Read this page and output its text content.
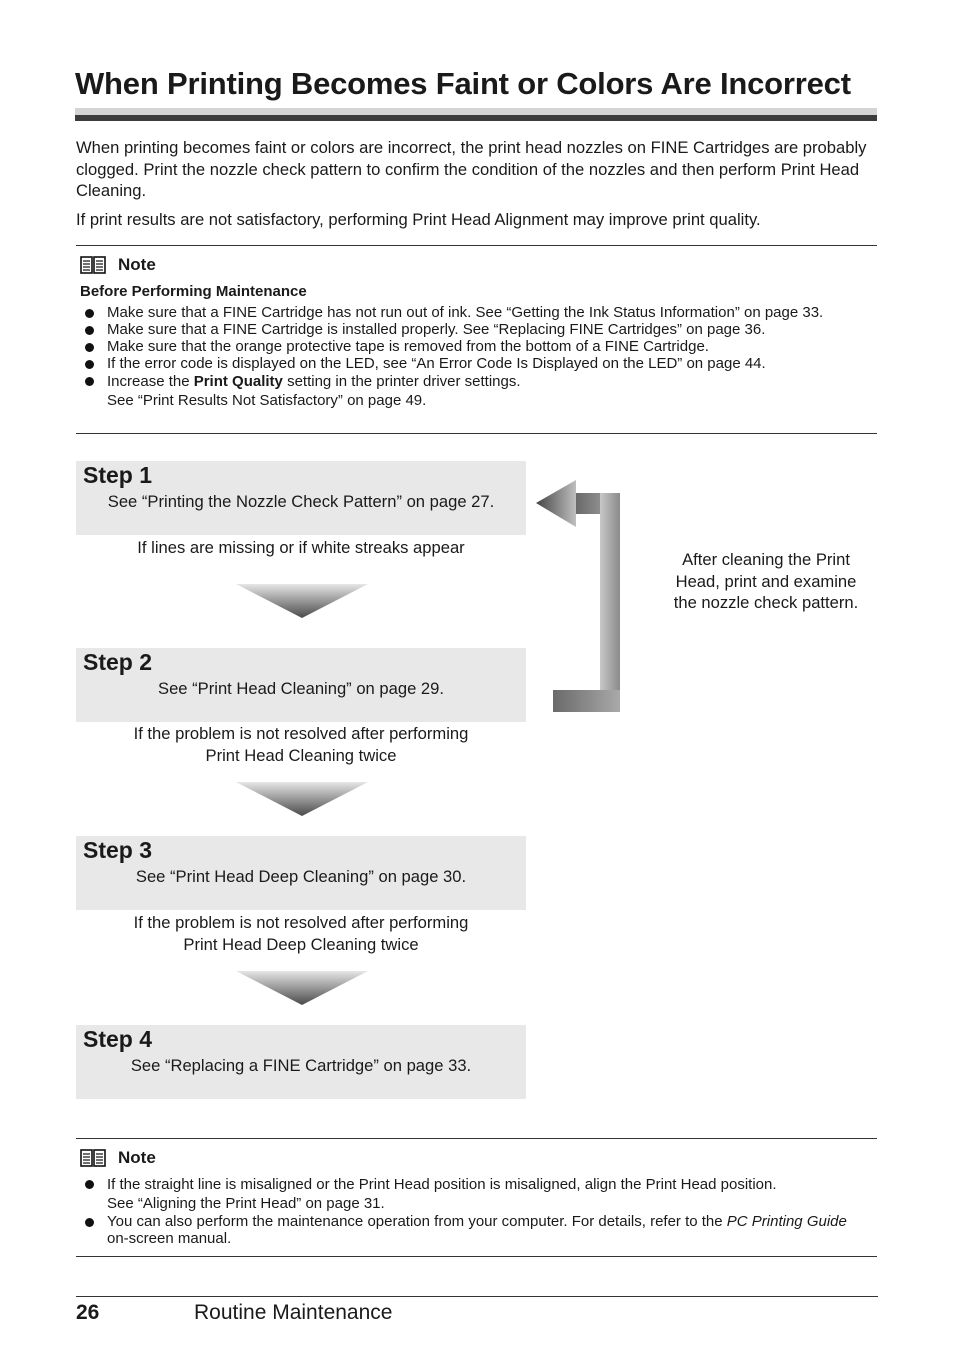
When Printing Becomes Faint or Colors Are Incorrect

When printing becomes faint or colors are incorrect, the print head nozzles on FINE Cartridges are probably clogged. Print the nozzle check pattern to confirm the condition of the nozzles and then perform Print Head Cleaning.

If print results are not satisfactory, performing Print Head Alignment may improve print quality.

Note
Before Performing Maintenance
Make sure that a FINE Cartridge has not run out of ink. See “Getting the Ink Status Information” on page 33.
Make sure that a FINE Cartridge is installed properly. See “Replacing FINE Cartridges” on page 36.
Make sure that the orange protective tape is removed from the bottom of a FINE Cartridge.
If the error code is displayed on the LED, see “An Error Code Is Displayed on the LED” on page 44.
Increase the Print Quality setting in the printer driver settings.
See “Print Results Not Satisfactory” on page 49.
After cleaning the Print
Head, print and examine
the nozzle check pattern.
Step 1
See “Printing the Nozzle Check Pattern” on page 27.
If lines are missing or if white streaks appear
Step 2
See “Print Head Cleaning” on page 29.
If the problem is not resolved after performing
Print Head Cleaning twice
Step 3
See “Print Head Deep Cleaning” on page 30.
If the problem is not resolved after performing
Print Head Deep Cleaning twice
Step 4
See “Replacing a FINE Cartridge” on page 33.
Note
If the straight line is misaligned or the Print Head position is misaligned, align the Print Head position.
See “Aligning the Print Head” on page 31.
You can also perform the maintenance operation from your computer. For details, refer to the PC Printing Guide on-screen manual.
26	Routine Maintenance
